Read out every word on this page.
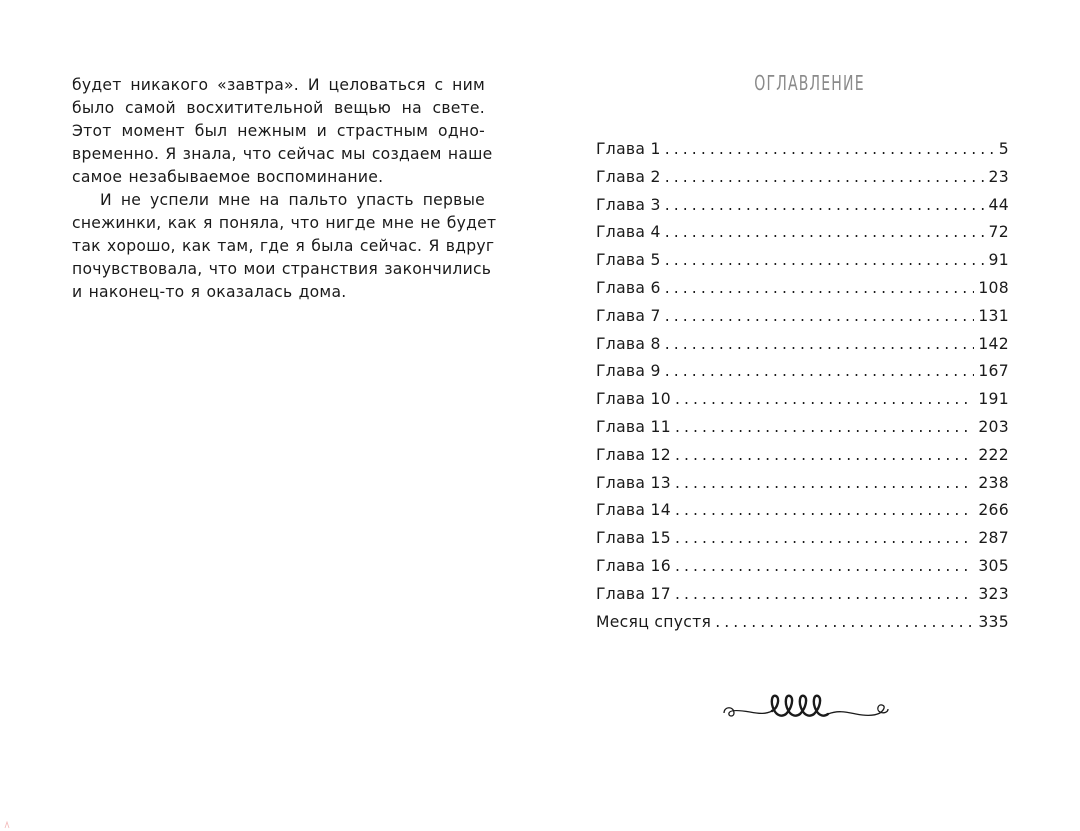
будет никакого «завтра». И целоваться с ним
было самой восхитительной вещью на свете.
Этот момент был нежным и страстным одно-
временно. Я знала, что сейчас мы создаем наше
самое незабываемое воспоминание.
И не успели мне на пальто упасть первые
снежинки, как я поняла, что нигде мне не будет
так хорошо, как там, где я была сейчас. Я вдруг
почувствовала, что мои странствия закончились
и наконец-то я оказалась дома.

ОГЛАВЛЕНИЕ
Глава 1 . . .	5
Глава 2 . . .	23
Глава 3 . . .	44
Глава 4 . . .	72
Глава 5 . . .	91
Глава 6 . . .	108
Глава 7 . . .	131
Глава 8 . . .	142
Глава 9 . . .	167
Глава 10 . . .	191
Глава 11 . . .	203
Глава 12 . . .	222
Глава 13 . . .	238
Глава 14 . . .	266
Глава 15 . . .	287
Глава 16 . . .	305
Глава 17 . . .	323
Месяц спустя . . .	335
